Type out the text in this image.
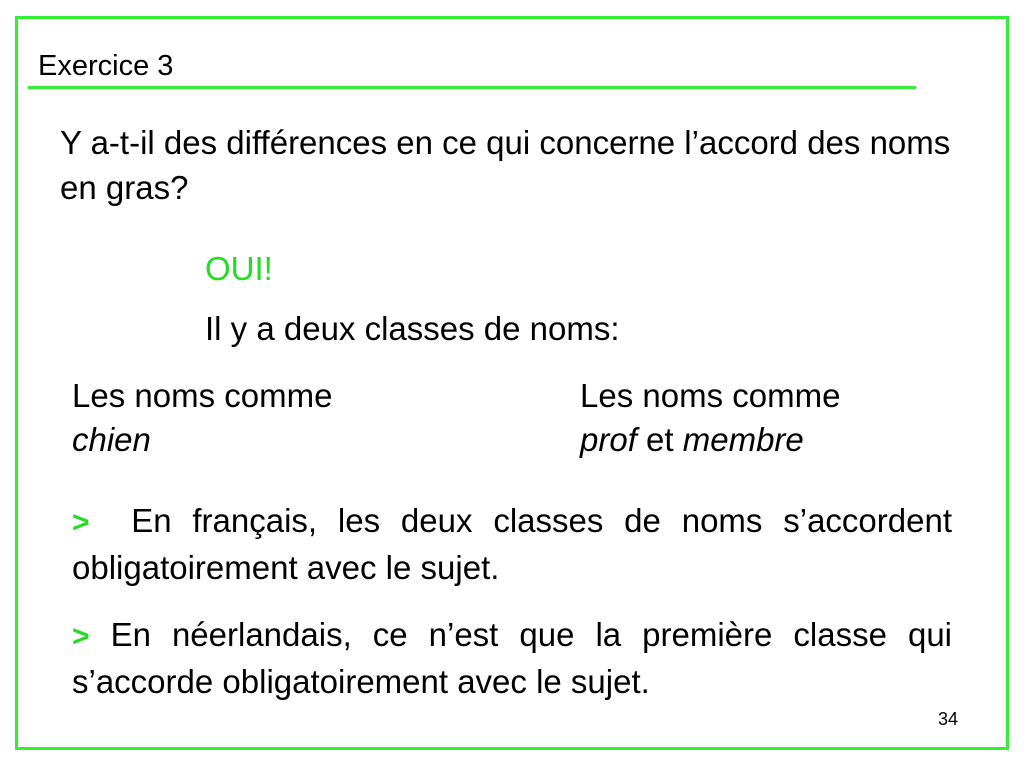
Exercice 3
Y a-t-il des différences en ce qui concerne l’accord des noms en gras?
OUI!
Il y a deux classes de noms:
Les noms comme
chien
Les noms comme
prof et membre
> En français, les deux classes de noms s’accordent obligatoirement avec le sujet.
> En néerlandais, ce n’est que la première classe qui s’accorde obligatoirement avec le sujet.
34
